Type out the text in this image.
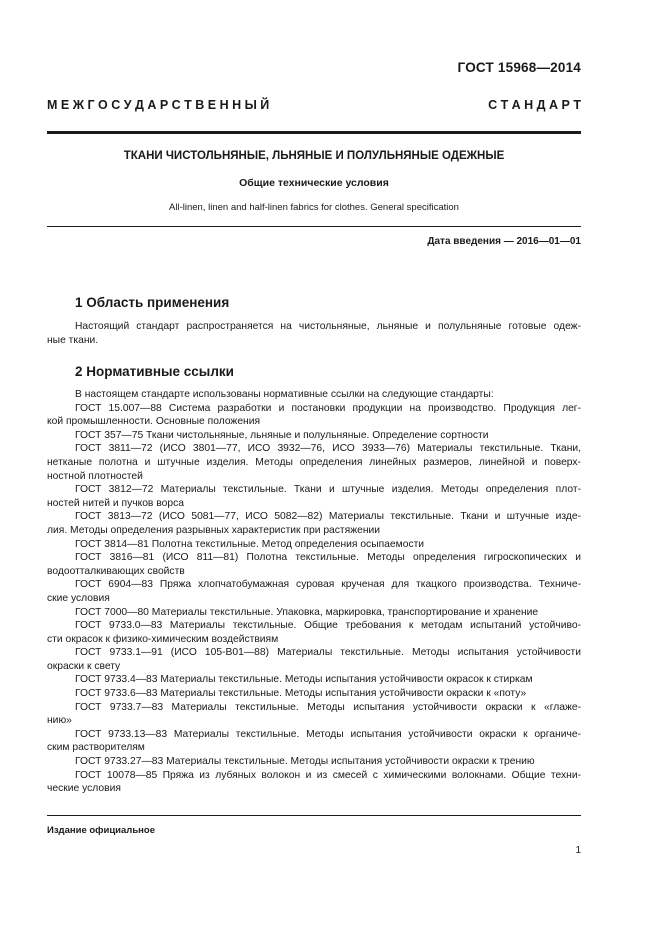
ГОСТ 15968—2014
М Е Ж Г О С У Д А Р С Т В Е Н Н Ы Й	С Т А Н Д А Р Т
ТКАНИ ЧИСТОЛЬНЯНЫЕ, ЛЬНЯНЫЕ И ПОЛУЛЬНЯНЫЕ ОДЕЖНЫЕ
Общие технические условия
All-linen, linen and half-linen fabrics for clothes. General specification
Дата введения — 2016—01—01
1 Область применения
Настоящий стандарт распространяется на чистольняные, льняные и полульняные готовые одеж-
ные ткани.
2 Нормативные ссылки
В настоящем стандарте использованы нормативные ссылки на следующие стандарты:
ГОСТ 15.007—88 Система разработки и постановки продукции на производство. Продукция лег-
кой промышленности. Основные положения
ГОСТ 357—75 Ткани чистольняные, льняные и полульняные. Определение сортности
ГОСТ 3811—72 (ИСО 3801—77, ИСО 3932—76, ИСО 3933—76) Материалы текстильные. Ткани,
нетканые полотна и штучные изделия. Методы определения линейных размеров, линейной и поверх-
ностной плотностей
ГОСТ 3812—72 Материалы текстильные. Ткани и штучные изделия. Методы определения плот-
ностей нитей и пучков ворса
ГОСТ 3813—72 (ИСО 5081—77, ИСО 5082—82) Материалы текстильные. Ткани и штучные изде-
лия. Методы определения разрывных характеристик при растяжении
ГОСТ 3814—81 Полотна текстильные. Метод определения осыпаемости
ГОСТ 3816—81 (ИСО 811—81) Полотна текстильные. Методы определения гигроскопических и
водоотталкивающих свойств
ГОСТ 6904—83 Пряжа хлопчатобумажная суровая крученая для ткацкого производства. Техниче-
ские условия
ГОСТ 7000—80 Материалы текстильные. Упаковка, маркировка, транспортирование и хранение
ГОСТ 9733.0—83 Материалы текстильные. Общие требования к методам испытаний устойчиво-
сти окрасок к физико-химическим воздействиям
ГОСТ 9733.1—91 (ИСО 105-В01—88) Материалы текстильные. Методы испытания устойчивости
окраски к свету
ГОСТ 9733.4—83 Материалы текстильные. Методы испытания устойчивости окрасок к стиркам
ГОСТ 9733.6—83 Материалы текстильные. Методы испытания устойчивости окраски к «поту»
ГОСТ 9733.7—83 Материалы текстильные. Методы испытания устойчивости окраски к «глаже-
нию»
ГОСТ 9733.13—83 Материалы текстильные. Методы испытания устойчивости окраски к органиче-
ским растворителям
ГОСТ 9733.27—83 Материалы текстильные. Методы испытания устойчивости окраски к трению
ГОСТ 10078—85 Пряжа из лубяных волокон и из смесей с химическими волокнами. Общие техни-
ческие условия
Издание официальное
1
